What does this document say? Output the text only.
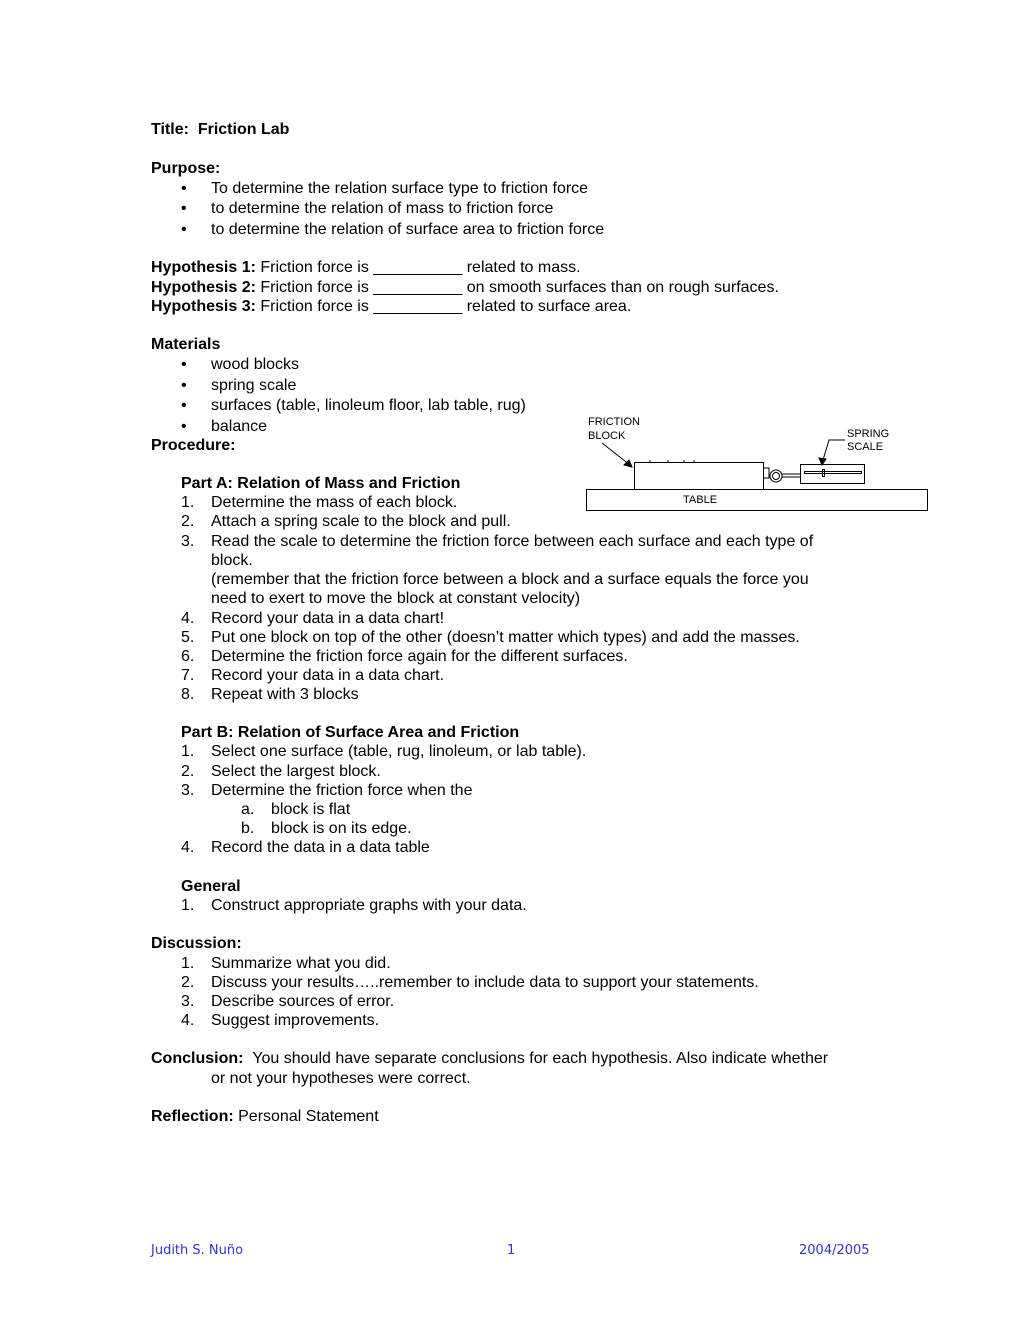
Title: Friction Lab
Purpose:
• To determine the relation surface type to friction force
• to determine the relation of mass to friction force
• to determine the relation of surface area to friction force
Hypothesis 1: Friction force is __________ related to mass.
Hypothesis 2: Friction force is __________ on smooth surfaces than on rough surfaces.
Hypothesis 3: Friction force is __________ related to surface area.
Materials
• wood blocks
• spring scale
• surfaces (table, linoleum floor, lab table, rug)
• balance
Procedure:
Part A: Relation of Mass and Friction
1. Determine the mass of each block.
2. Attach a spring scale to the block and pull.
3. Read the scale to determine the friction force between each surface and each type of
block.
(remember that the friction force between a block and a surface equals the force you
need to exert to move the block at constant velocity)
4. Record your data in a data chart!
5. Put one block on top of the other (doesn’t matter which types) and add the masses.
6. Determine the friction force again for the different surfaces.
7. Record your data in a data chart.
8. Repeat with 3 blocks
Part B: Relation of Surface Area and Friction
1. Select one surface (table, rug, linoleum, or lab table).
2. Select the largest block.
3. Determine the friction force when the
a. block is flat
b. block is on its edge.
4. Record the data in a data table
General
1. Construct appropriate graphs with your data.
Discussion:
1. Summarize what you did.
2. Discuss your results…..remember to include data to support your statements.
3. Describe sources of error.
4. Suggest improvements.
Conclusion: You should have separate conclusions for each hypothesis. Also indicate whether
or not your hypotheses were correct.
Reflection: Personal Statement
Judith S. Nuño	1	2004/2005
TABLE
FRICTION
BLOCK	SPRING
SCALE
